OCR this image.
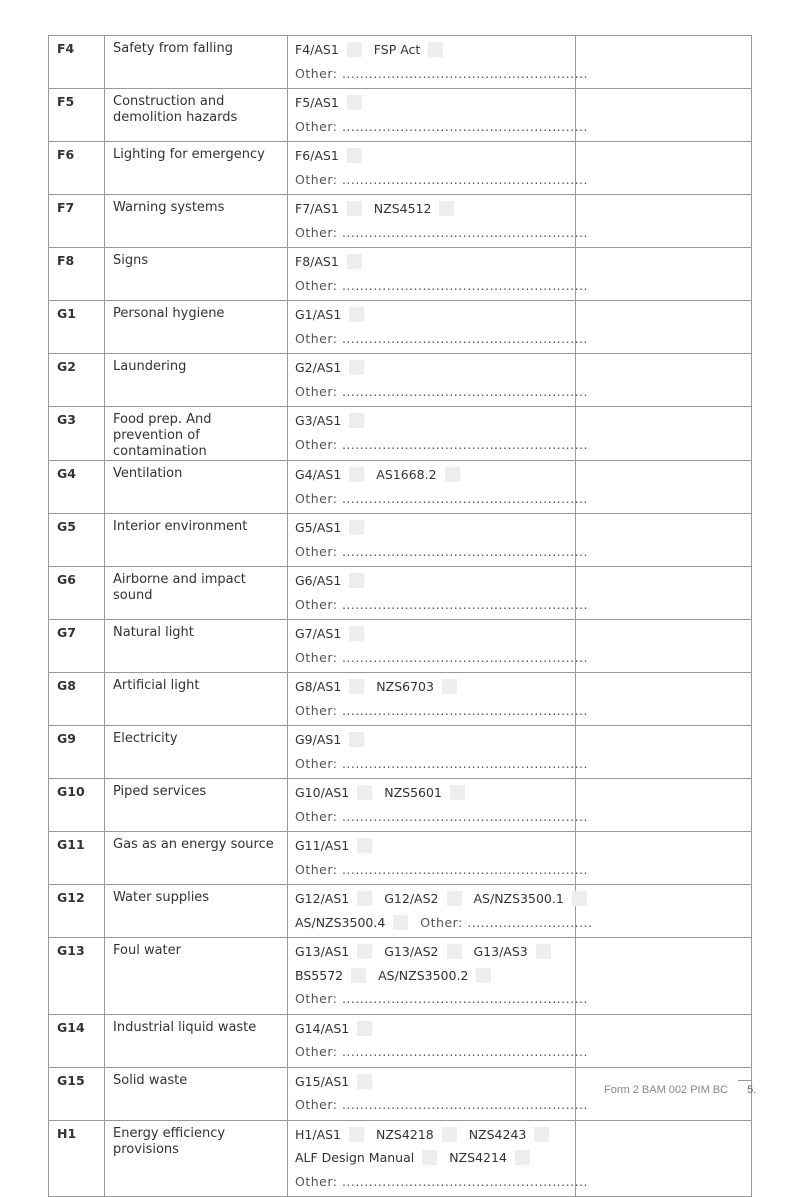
F4	Safety from falling	F4/AS1 FSP Act
Other: .......................................................	

F5	Construction and demolition hazards	F5/AS1
Other: .......................................................	

F6	Lighting for emergency	F6/AS1
Other: .......................................................	

F7	Warning systems	F7/AS1 NZS4512
Other: .......................................................	

F8	Signs	F8/AS1
Other: .......................................................	

G1	Personal hygiene	G1/AS1
Other: .......................................................	

G2	Laundering	G2/AS1
Other: .......................................................	

G3	Food prep. And prevention of contamination	G3/AS1
Other: .......................................................	

G4	Ventilation	G4/AS1 AS1668.2
Other: .......................................................	

G5	Interior environment	G5/AS1
Other: .......................................................	

G6	Airborne and impact sound	G6/AS1
Other: .......................................................	

G7	Natural light	G7/AS1
Other: .......................................................	

G8	Artificial light	G8/AS1 NZS6703
Other: .......................................................	

G9	Electricity	G9/AS1
Other: .......................................................	

G10	Piped services	G10/AS1 NZS5601
Other: .......................................................	

G11	Gas as an energy source	G11/AS1
Other: .......................................................	

G12	Water supplies	G12/AS1 G12/AS2 AS/NZS3500.1
AS/NZS3500.4 Other: ............................	

G13	Foul water	G13/AS1 G13/AS2 G13/AS3
BS5572 AS/NZS3500.2
Other: .......................................................	

G14	Industrial liquid waste	G14/AS1
Other: .......................................................	

G15	Solid waste	G15/AS1
Other: .......................................................	

H1	Energy efficiency provisions	H1/AS1 NZS4218 NZS4243
ALF Design Manual NZS4214
Other: .......................................................	

Form 2 BAM 002 PIM BC 5.
